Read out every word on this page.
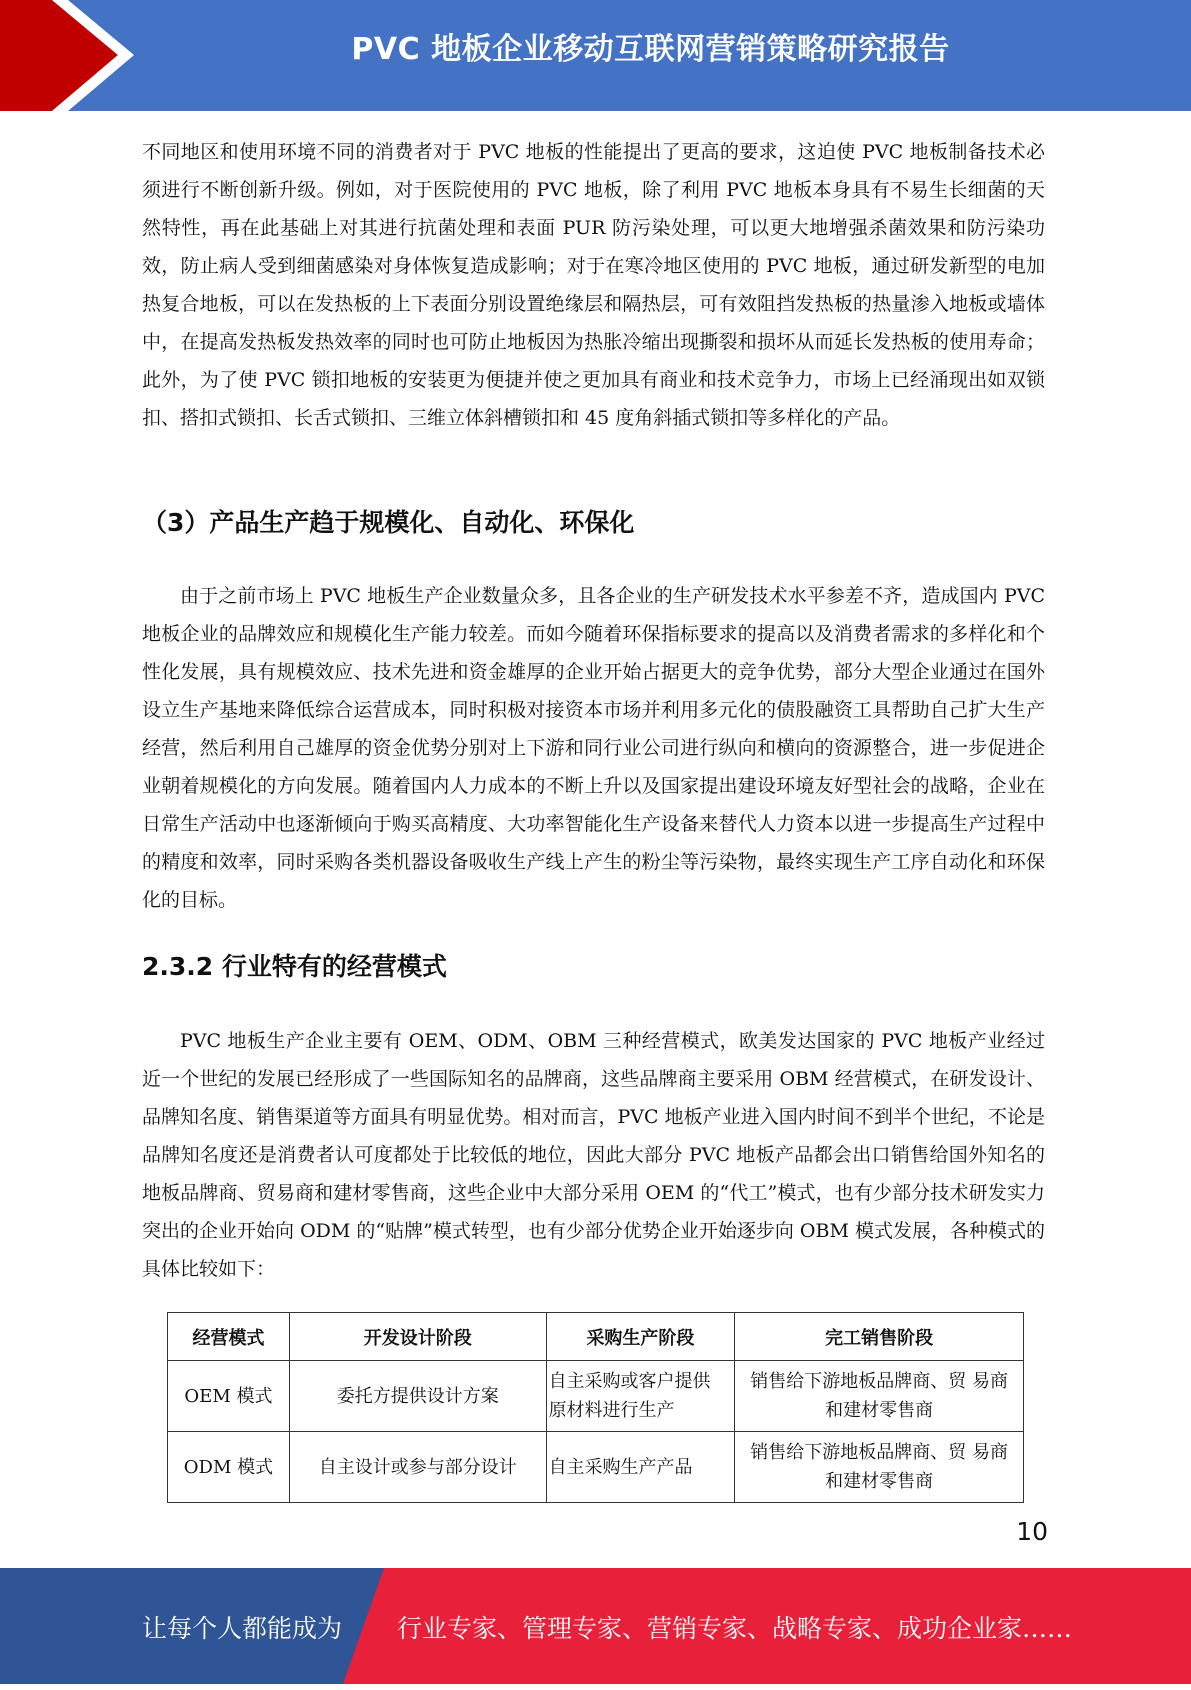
PVC 地板企业移动互联网营销策略研究报告

不同地区和使用环境不同的消费者对于 PVC 地板的性能提出了更高的要求，这迫使 PVC 地板制备技术必须进行不断创新升级。例如，对于医院使用的 PVC 地板，除了利用 PVC 地板本身具有不易生长细菌的天然特性，再在此基础上对其进行抗菌处理和表面 PUR 防污染处理，可以更大地增强杀菌效果和防污染功效，防止病人受到细菌感染对身体恢复造成影响；对于在寒冷地区使用的 PVC 地板，通过研发新型的电加热复合地板，可以在发热板的上下表面分别设置绝缘层和隔热层，可有效阻挡发热板的热量渗入地板或墙体中，在提高发热板发热效率的同时也可防止地板因为热胀冷缩出现撕裂和损坏从而延长发热板的使用寿命；此外，为了使 PVC 锁扣地板的安装更为便捷并使之更加具有商业和技术竞争力，市场上已经涌现出如双锁扣、搭扣式锁扣、长舌式锁扣、三维立体斜槽锁扣和 45 度角斜插式锁扣等多样化的产品。

（3）产品生产趋于规模化、自动化、环保化

由于之前市场上 PVC 地板生产企业数量众多，且各企业的生产研发技术水平参差不齐，造成国内 PVC 地板企业的品牌效应和规模化生产能力较差。而如今随着环保指标要求的提高以及消费者需求的多样化和个性化发展，具有规模效应、技术先进和资金雄厚的企业开始占据更大的竞争优势，部分大型企业通过在国外设立生产基地来降低综合运营成本，同时积极对接资本市场并利用多元化的债股融资工具帮助自己扩大生产经营，然后利用自己雄厚的资金优势分别对上下游和同行业公司进行纵向和横向的资源整合，进一步促进企业朝着规模化的方向发展。随着国内人力成本的不断上升以及国家提出建设环境友好型社会的战略，企业在日常生产活动中也逐渐倾向于购买高精度、大功率智能化生产设备来替代人力资本以进一步提高生产过程中的精度和效率，同时采购各类机器设备吸收生产线上产生的粉尘等污染物，最终实现生产工序自动化和环保化的目标。

2.3.2 行业特有的经营模式

PVC 地板生产企业主要有 OEM、ODM、OBM 三种经营模式，欧美发达国家的 PVC 地板产业经过近一个世纪的发展已经形成了一些国际知名的品牌商，这些品牌商主要采用 OBM 经营模式，在研发设计、品牌知名度、销售渠道等方面具有明显优势。相对而言，PVC 地板产业进入国内时间不到半个世纪，不论是品牌知名度还是消费者认可度都处于比较低的地位，因此大部分 PVC 地板产品都会出口销售给国外知名的地板品牌商、贸易商和建材零售商，这些企业中大部分采用 OEM 的“代工”模式，也有少部分技术研发实力突出的企业开始向 ODM 的“贴牌”模式转型，也有少部分优势企业开始逐步向 OBM 模式发展，各种模式的具体比较如下：

经营模式	开发设计阶段	采购生产阶段	完工销售阶段
OEM 模式	委托方提供设计方案	自主采购或客户提供原材料进行生产	销售给下游地板品牌商、贸 易商和建材零售商
ODM 模式	自主设计或参与部分设计	自主采购生产产品	销售给下游地板品牌商、贸 易商和建材零售商
10
让每个人都能成为 行业专家、管理专家、营销专家、战略专家、成功企业家……
